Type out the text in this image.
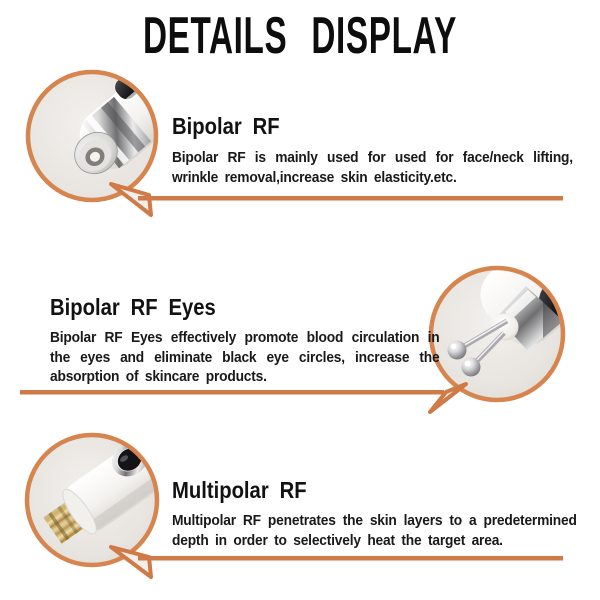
DETAILS DISPLAY
Bipolar RF

Bipolar RF is mainly used for used for face/neck lifting, wrinkle removal,increase skin elasticity.etc.

Bipolar RF Eyes

Bipolar RF Eyes effectively promote blood circulation in the eyes and eliminate black eye circles, increase the absorption of skincare products.

Multipolar RF

Multipolar RF penetrates the skin layers to a predetermined depth in order to selectively heat the target area.
